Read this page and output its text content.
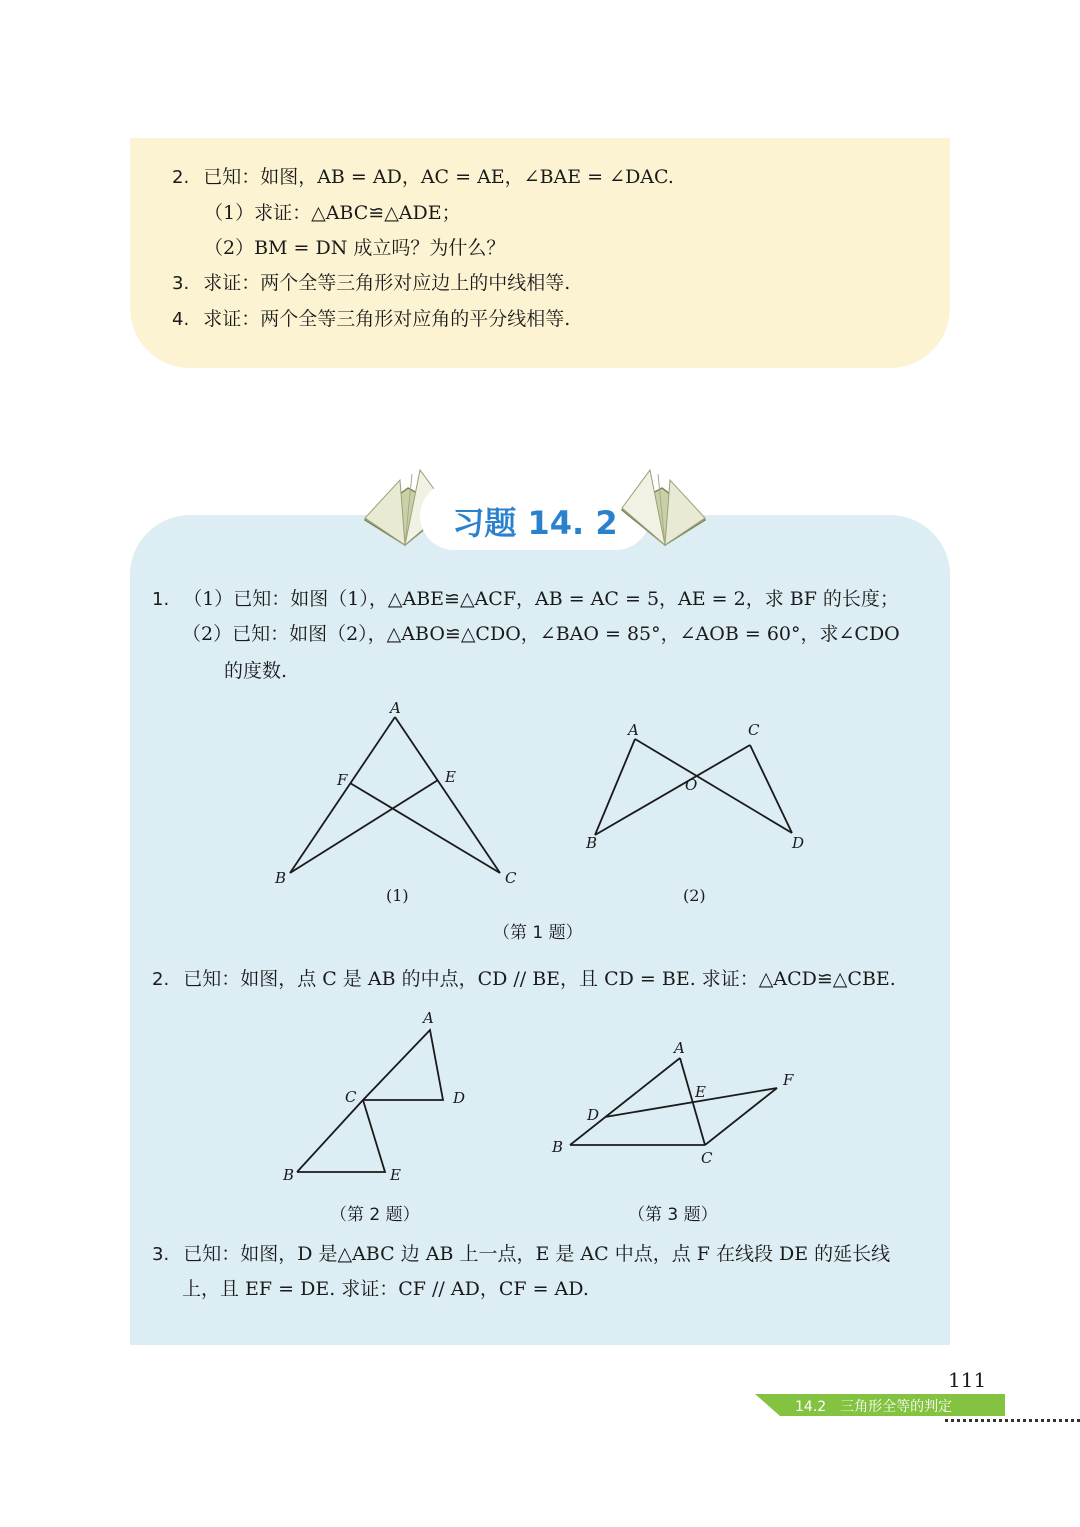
2. 已知：如图，AB = AD，AC = AE，∠BAE = ∠DAC.
（1）求证：△ABC≌△ADE；
（2）BM = DN 成立吗？为什么？
3. 求证：两个全等三角形对应边上的中线相等.
4. 求证：两个全等三角形对应角的平分线相等.
习题 14. 2
1. （1）已知：如图（1），△ABE≌△ACF，AB = AC = 5，AE = 2，求 BF 的长度；
（2）已知：如图（2），△ABO≌△CDO，∠BAO = 85°，∠AOB = 60°，求∠CDO
的度数.
A
F	E
B	C
(1)
A	C
O
B	D
(2)
（第 1 题）
2. 已知：如图，点 C 是 AB 的中点，CD // BE，且 CD = BE. 求证：△ACD≌△CBE.
A
C	D
B	E
（第 2 题）
A
F
E
D
B
C
（第 3 题）
3. 已知：如图，D 是△ABC 边 AB 上一点，E 是 AC 中点，点 F 在线段 DE 的延长线
上，且 EF = DE. 求证：CF // AD，CF = AD.
111
14.2　三角形全等的判定
